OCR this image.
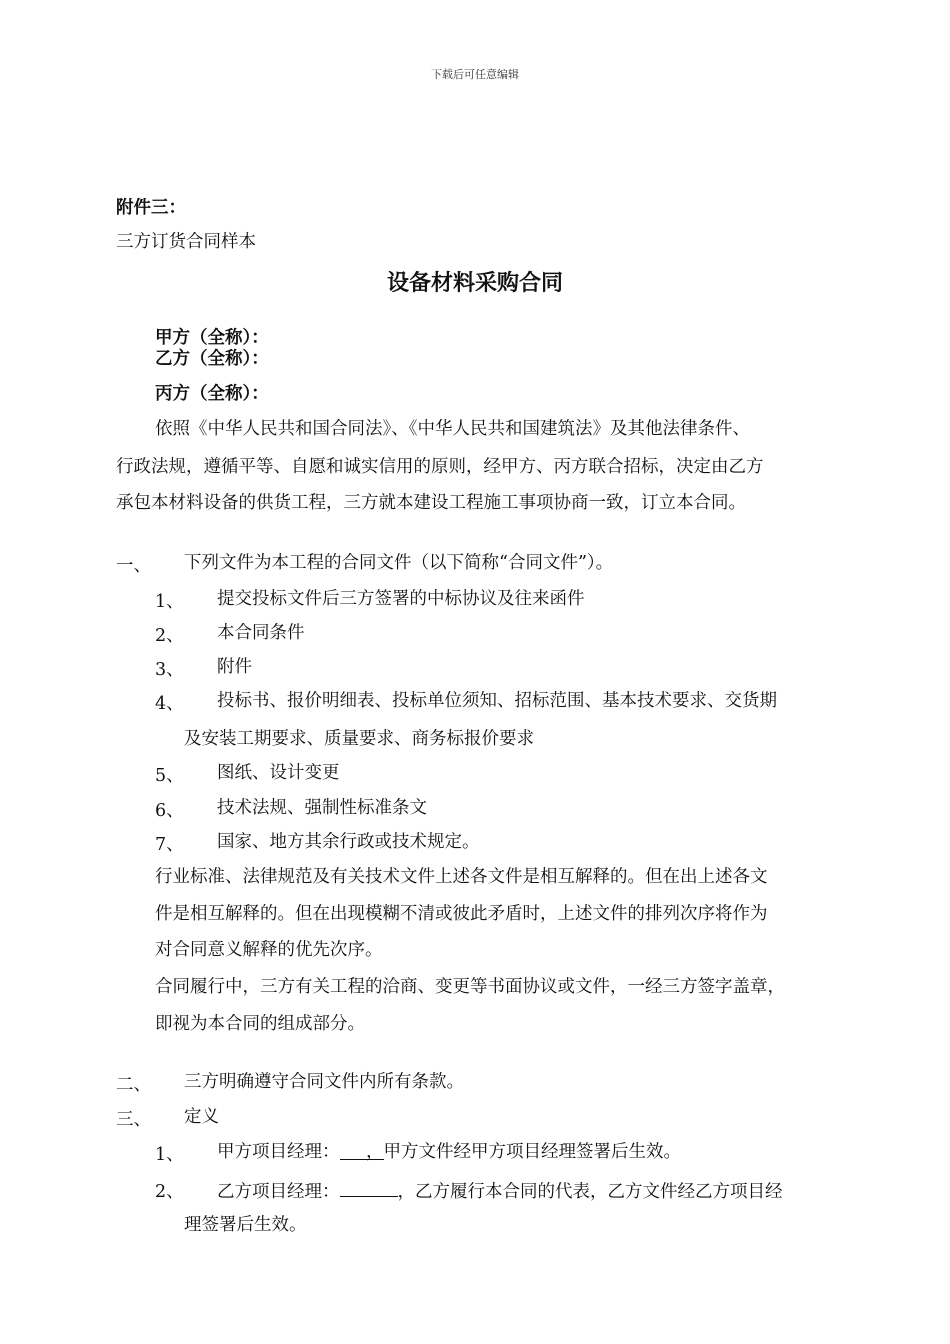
下载后可任意编辑
附件三：
三方订货合同样本
设备材料采购合同
甲方（全称）：
乙方（全称）：
丙方（全称）：
依照《中华人民共和国合同法》、《中华人民共和国建筑法》及其他法律条件、
行政法规，遵循平等、自愿和诚实信用的原则，经甲方、丙方联合招标，决定由乙方
承包本材料设备的供货工程，三方就本建设工程施工事项协商一致，订立本合同。
一、 下列文件为本工程的合同文件（以下简称“合同文件”）。
1、 提交投标文件后三方签署的中标协议及往来函件
2、 本合同条件
3、 附件
4、 投标书、报价明细表、投标单位须知、招标范围、基本技术要求、交货期
及安装工期要求、质量要求、商务标报价要求
5、 图纸、设计变更
6、 技术法规、强制性标准条文
7、 国家、地方其余行政或技术规定。
行业标准、法律规范及有关技术文件上述各文件是相互解释的。但在出上述各文
件是相互解释的。但在出现模糊不清或彼此矛盾时，上述文件的排列次序将作为
对合同意义解释的优先次序。
合同履行中，三方有关工程的洽商、变更等书面协议或文件，一经三方签字盖章，
即视为本合同的组成部分。
二、 三方明确遵守合同文件内所有条款。
三、 定义
1、 甲方项目经理： ，甲方文件经甲方项目经理签署后生效。
2、 乙方项目经理：	，乙方履行本合同的代表，乙方文件经乙方项目经
理签署后生效。
